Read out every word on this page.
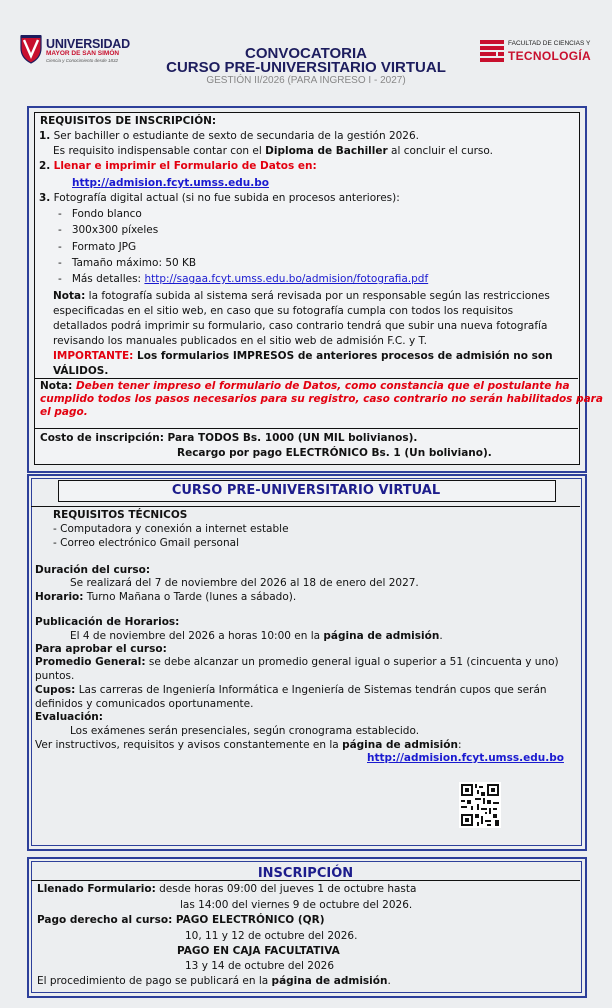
UNIVERSIDAD
MAYOR DE SAN SIMÓN
Ciencia y Conocimiento desde 1832	CONVOCATORIA
CURSO PRE-UNIVERSITARIO VIRTUAL
GESTIÓN II/2026 (PARA INGRESO I - 2027)
FACULTAD DE CIENCIAS Y
TECNOLOGÍA
REQUISITOS DE INSCRIPCIÓN:
1. Ser bachiller o estudiante de sexto de secundaria de la gestión 2026.
Es requisito indispensable contar con el Diploma de Bachiller al concluir el curso.
2. Llenar e imprimir el Formulario de Datos en:
http://admision.fcyt.umss.edu.bo
3. Fotografía digital actual (si no fue subida en procesos anteriores):
-   Fondo blanco
-   300x300 píxeles
-   Formato JPG
-   Tamaño máximo: 50 KB
-   Más detalles: http://sagaa.fcyt.umss.edu.bo/admision/fotografia.pdf
Nota: la fotografía subida al sistema será revisada por un responsable según las restricciones
especificadas en el sitio web, en caso que su fotografía cumpla con todos los requisitos
detallados podrá imprimir su formulario, caso contrario tendrá que subir una nueva fotografía
revisando los manuales publicados en el sitio web de admisión F.C. y T.
IMPORTANTE: Los formularios IMPRESOS de anteriores procesos de admisión no son
VÁLIDOS.
Nota: Deben tener impreso el formulario de Datos, como constancia que el postulante ha
cumplido todos los pasos necesarios para su registro, caso contrario no serán habilitados para
el pago.
Costo de inscripción: Para TODOS Bs. 1000 (UN MIL bolivianos).
Recargo por pago ELECTRÓNICO Bs. 1 (Un boliviano).
CURSO PRE-UNIVERSITARIO VIRTUAL
REQUISITOS TÉCNICOS
- Computadora y conexión a internet estable
- Correo electrónico Gmail personal
Duración del curso:
Se realizará del 7 de noviembre del 2026 al 18 de enero del 2027.
Horario: Turno Mañana o Tarde (lunes a sábado).
Publicación de Horarios:
El 4 de noviembre del 2026 a horas 10:00 en la página de admisión.
Para aprobar el curso:
Promedio General: se debe alcanzar un promedio general igual o superior a 51 (cincuenta y uno)
puntos.
Cupos: Las carreras de Ingeniería Informática e Ingeniería de Sistemas tendrán cupos que serán
definidos y comunicados oportunamente.
Evaluación:
Los exámenes serán presenciales, según cronograma establecido.
Ver instructivos, requisitos y avisos constantemente en la página de admisión:
http://admision.fcyt.umss.edu.bo
INSCRIPCIÓN
Llenado Formulario: desde horas 09:00 del jueves 1 de octubre hasta
las 14:00 del viernes 9 de octubre del 2026.
Pago derecho al curso: PAGO ELECTRÓNICO (QR)
10, 11 y 12 de octubre del 2026.
PAGO EN CAJA FACULTATIVA
13 y 14 de octubre del 2026
El procedimiento de pago se publicará en la página de admisión.
